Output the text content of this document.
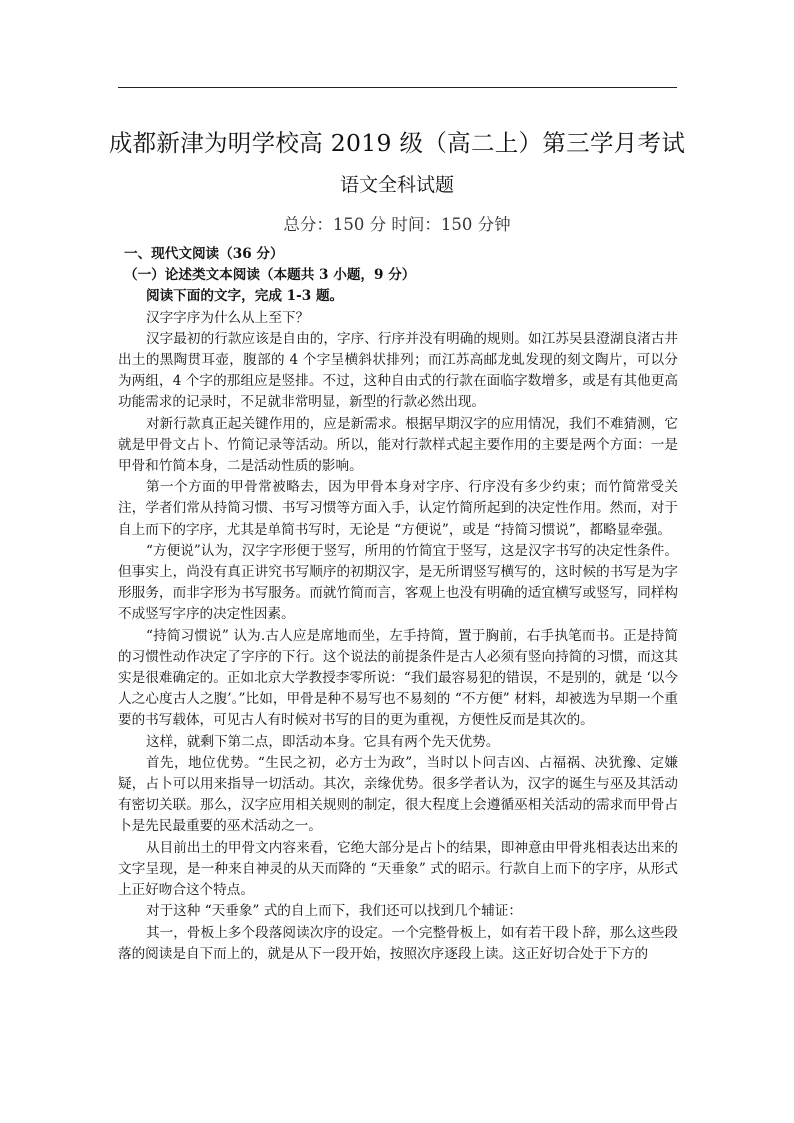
成都新津为明学校高 2019 级（高二上）第三学月考试
语文全科试题
总分：150 分 时间：150 分钟

一、现代文阅读（36 分）

（一）论述类文本阅读（本题共 3 小题，9 分）

阅读下面的文字，完成 1-3 题。

汉字字序为什么从上至下？

汉字最初的行款应该是自由的，字序、行序并没有明确的规则。如江苏吴县澄湖良渚古井出土的黑陶贯耳壶，腹部的 4 个字呈横斜状排列；而江苏高邮龙虬发现的刻文陶片，可以分为两组，4 个字的那组应是竖排。不过，这种自由式的行款在面临字数增多，或是有其他更高功能需求的记录时，不足就非常明显，新型的行款必然出现。

对新行款真正起关键作用的，应是新需求。根据早期汉字的应用情况，我们不难猜测，它就是甲骨文占卜、竹简记录等活动。所以，能对行款样式起主要作用的主要是两个方面：一是甲骨和竹简本身，二是活动性质的影响。

第一个方面的甲骨常被略去，因为甲骨本身对字序、行序没有多少约束；而竹简常受关注，学者们常从持简习惯、书写习惯等方面入手，认定竹简所起到的决定性作用。然而，对于自上而下的字序，尤其是单简书写时，无论是 “方便说”，或是 “持简习惯说”，都略显牵强。

“方便说”认为，汉字字形便于竖写，所用的竹简宜于竖写，这是汉字书写的决定性条件。但事实上，尚没有真正讲究书写顺序的初期汉字，是无所谓竖写横写的，这时候的书写是为字形服务，而非字形为书写服务。而就竹简而言，客观上也没有明确的适宜横写或竖写，同样构不成竖写字序的决定性因素。

“持简习惯说” 认为.古人应是席地而坐，左手持简，置于胸前，右手执笔而书。正是持简的习惯性动作决定了字序的下行。这个说法的前提条件是古人必须有竖向持简的习惯，而这其实是很难确定的。正如北京大学教授李零所说：“我们最容易犯的错误，不是别的，就是 ‘以今人之心度古人之腹’。”比如，甲骨是种不易写也不易刻的 “不方便” 材料，却被选为早期一个重要的书写载体，可见古人有时候对书写的目的更为重视，方便性反而是其次的。

这样，就剩下第二点，即活动本身。它具有两个先天优势。

首先，地位优势。“生民之初，必方士为政”，当时以卜问吉凶、占福祸、决犹豫、定嫌疑，占卜可以用来指导一切活动。其次，亲缘优势。很多学者认为，汉字的诞生与巫及其活动有密切关联。那么，汉字应用相关规则的制定，很大程度上会遵循巫相关活动的需求而甲骨占卜是先民最重要的巫术活动之一。

从目前出土的甲骨文内容来看，它绝大部分是占卜的结果，即神意由甲骨兆相表达出来的文字呈现，是一种来自神灵的从天而降的 “天垂象” 式的昭示。行款自上而下的字序，从形式上正好吻合这个特点。

对于这种 “天垂象” 式的自上而下，我们还可以找到几个辅证：

其一，骨板上多个段落阅读次序的设定。一个完整骨板上，如有若干段卜辞，那么这些段落的阅读是自下而上的，就是从下一段开始，按照次序逐段上读。这正好切合处于下方的
